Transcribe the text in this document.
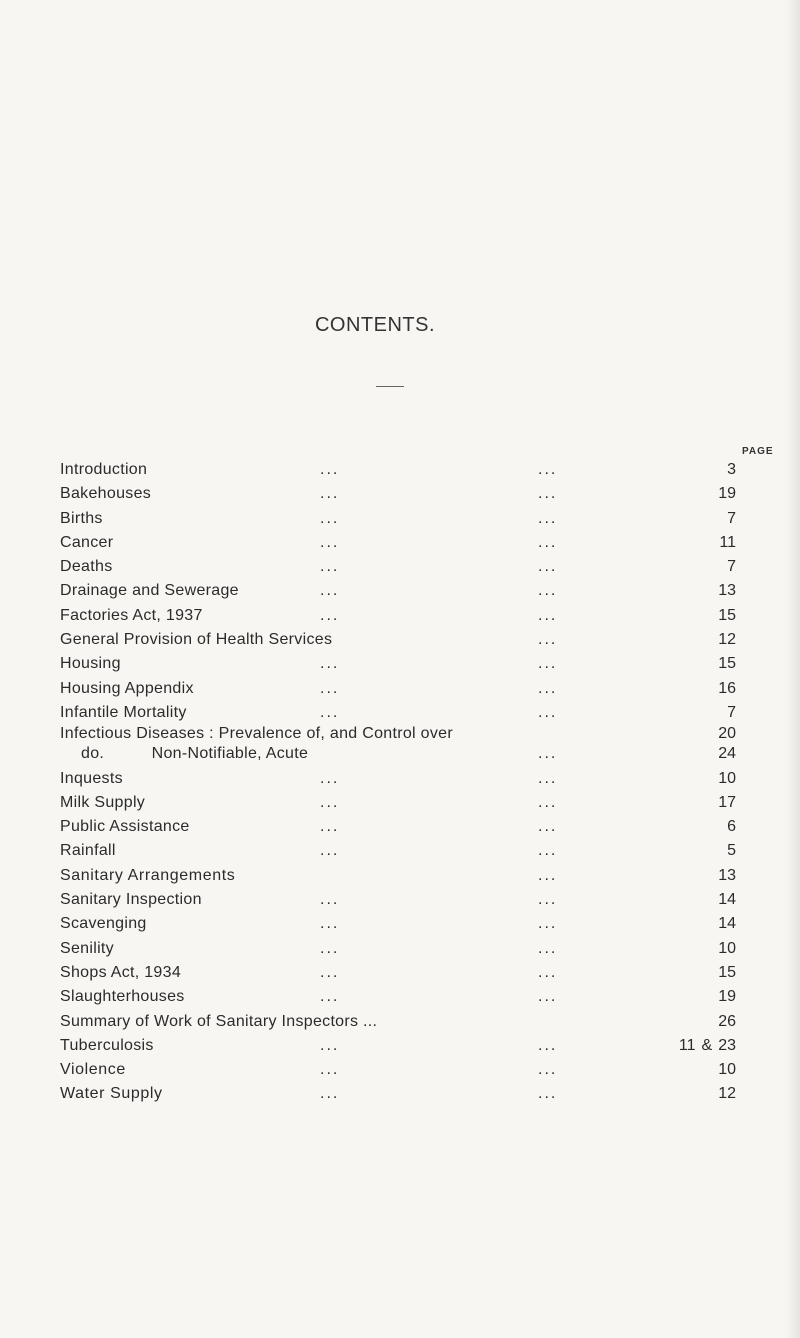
CONTENTS.
PAGE
Introduction	...	...	3
Bakehouses	...	...	19
Births	...	...	7
Cancer	...	...	11
Deaths	...	...	7
Drainage and Sewerage	...	...	13
Factories Act, 1937	...	...	15
General Provision of Health Services	...	12
Housing	...	...	15
Housing Appendix	...	...	16
Infantile Mortality	...	...	7
Infectious Diseases : Prevalence of, and Control over	20
do.          Non-Notifiable, Acute	...	24
Inquests	...	...	10
Milk Supply	...	...	17
Public Assistance	...	...	6
Rainfall	...	...	5
Sanitary Arrangements	...	13
Sanitary Inspection	...	...	14
Scavenging	...	...	14
Senility	...	...	10
Shops Act, 1934	...	...	15
Slaughterhouses	...	...	19
Summary of Work of Sanitary Inspectors ...	26
Tuberculosis	...	...	11 & 23
Violence	...	...	10
Water Supply	...	...	12
